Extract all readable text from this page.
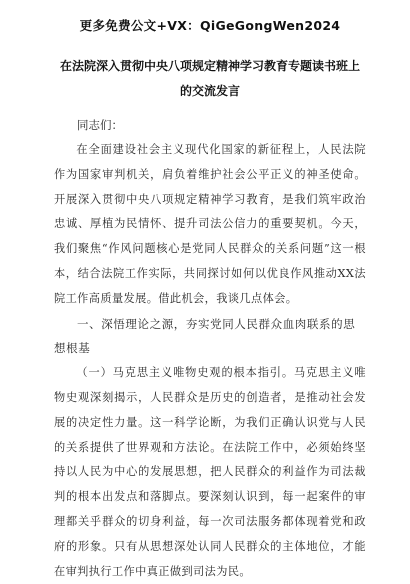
更多免费公文+VX：QiGeGongWen2024
在法院深入贯彻中央八项规定精神学习教育专题读书班上
的交流发言

同志们：

在全面建设社会主义现代化国家的新征程上，人民法院作为国家审判机关，肩负着维护社会公平正义的神圣使命。开展深入贯彻中央八项规定精神学习教育，是我们筑牢政治忠诚、厚植为民情怀、提升司法公信力的重要契机。今天，我们聚焦“作风问题核心是党同人民群众的关系问题”这一根本，结合法院工作实际，共同探讨如何以优良作风推动XX法院工作高质量发展。借此机会，我谈几点体会。

一、深悟理论之源，夯实党同人民群众血肉联系的思想根基

（一）马克思主义唯物史观的根本指引。马克思主义唯物史观深刻揭示，人民群众是历史的创造者，是推动社会发展的决定性力量。这一科学论断，为我们正确认识党与人民的关系提供了世界观和方法论。在法院工作中，必须始终坚持以人民为中心的发展思想，把人民群众的利益作为司法裁判的根本出发点和落脚点。要深刻认识到，每一起案件的审理都关乎群众的切身利益，每一次司法服务都体现着党和政府的形象。只有从思想深处认同人民群众的主体地位，才能在审判执行工作中真正做到司法为民。
